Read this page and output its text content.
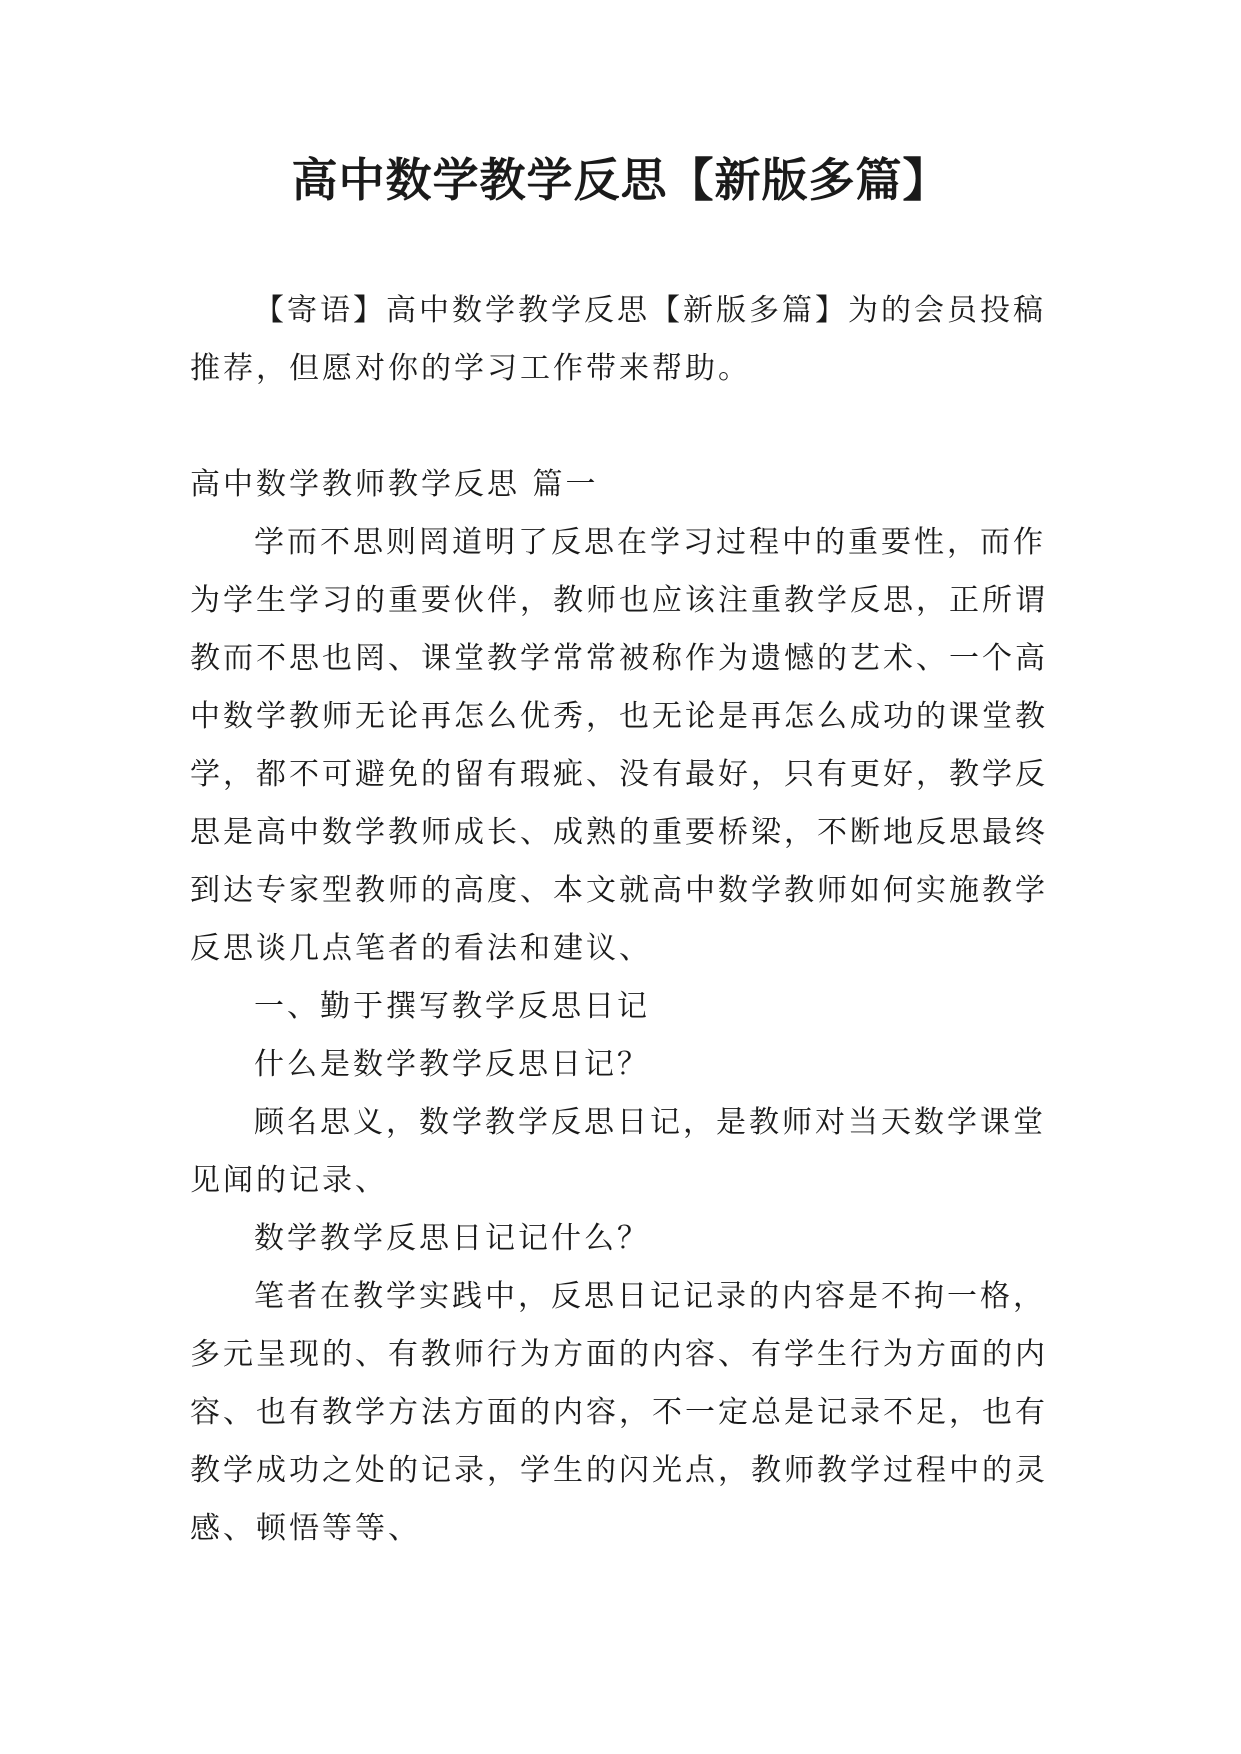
高中数学教学反思【新版多篇】

【寄语】高中数学教学反思【新版多篇】为的会员投稿推荐，但愿对你的学习工作带来帮助。

高中数学教师教学反思 篇一

学而不思则罔道明了反思在学习过程中的重要性，而作为学生学习的重要伙伴，教师也应该注重教学反思，正所谓教而不思也罔、课堂教学常常被称作为遗憾的艺术、一个高中数学教师无论再怎么优秀，也无论是再怎么成功的课堂教学，都不可避免的留有瑕疵、没有最好，只有更好，教学反思是高中数学教师成长、成熟的重要桥梁，不断地反思最终到达专家型教师的高度、本文就高中数学教师如何实施教学反思谈几点笔者的看法和建议、

一、勤于撰写教学反思日记

什么是数学教学反思日记？

顾名思义，数学教学反思日记，是教师对当天数学课堂见闻的记录、

数学教学反思日记记什么？

笔者在教学实践中，反思日记记录的内容是不拘一格，多元呈现的、有教师行为方面的内容、有学生行为方面的内容、也有教学方法方面的内容，不一定总是记录不足，也有教学成功之处的记录，学生的闪光点，教师教学过程中的灵感、顿悟等等、
